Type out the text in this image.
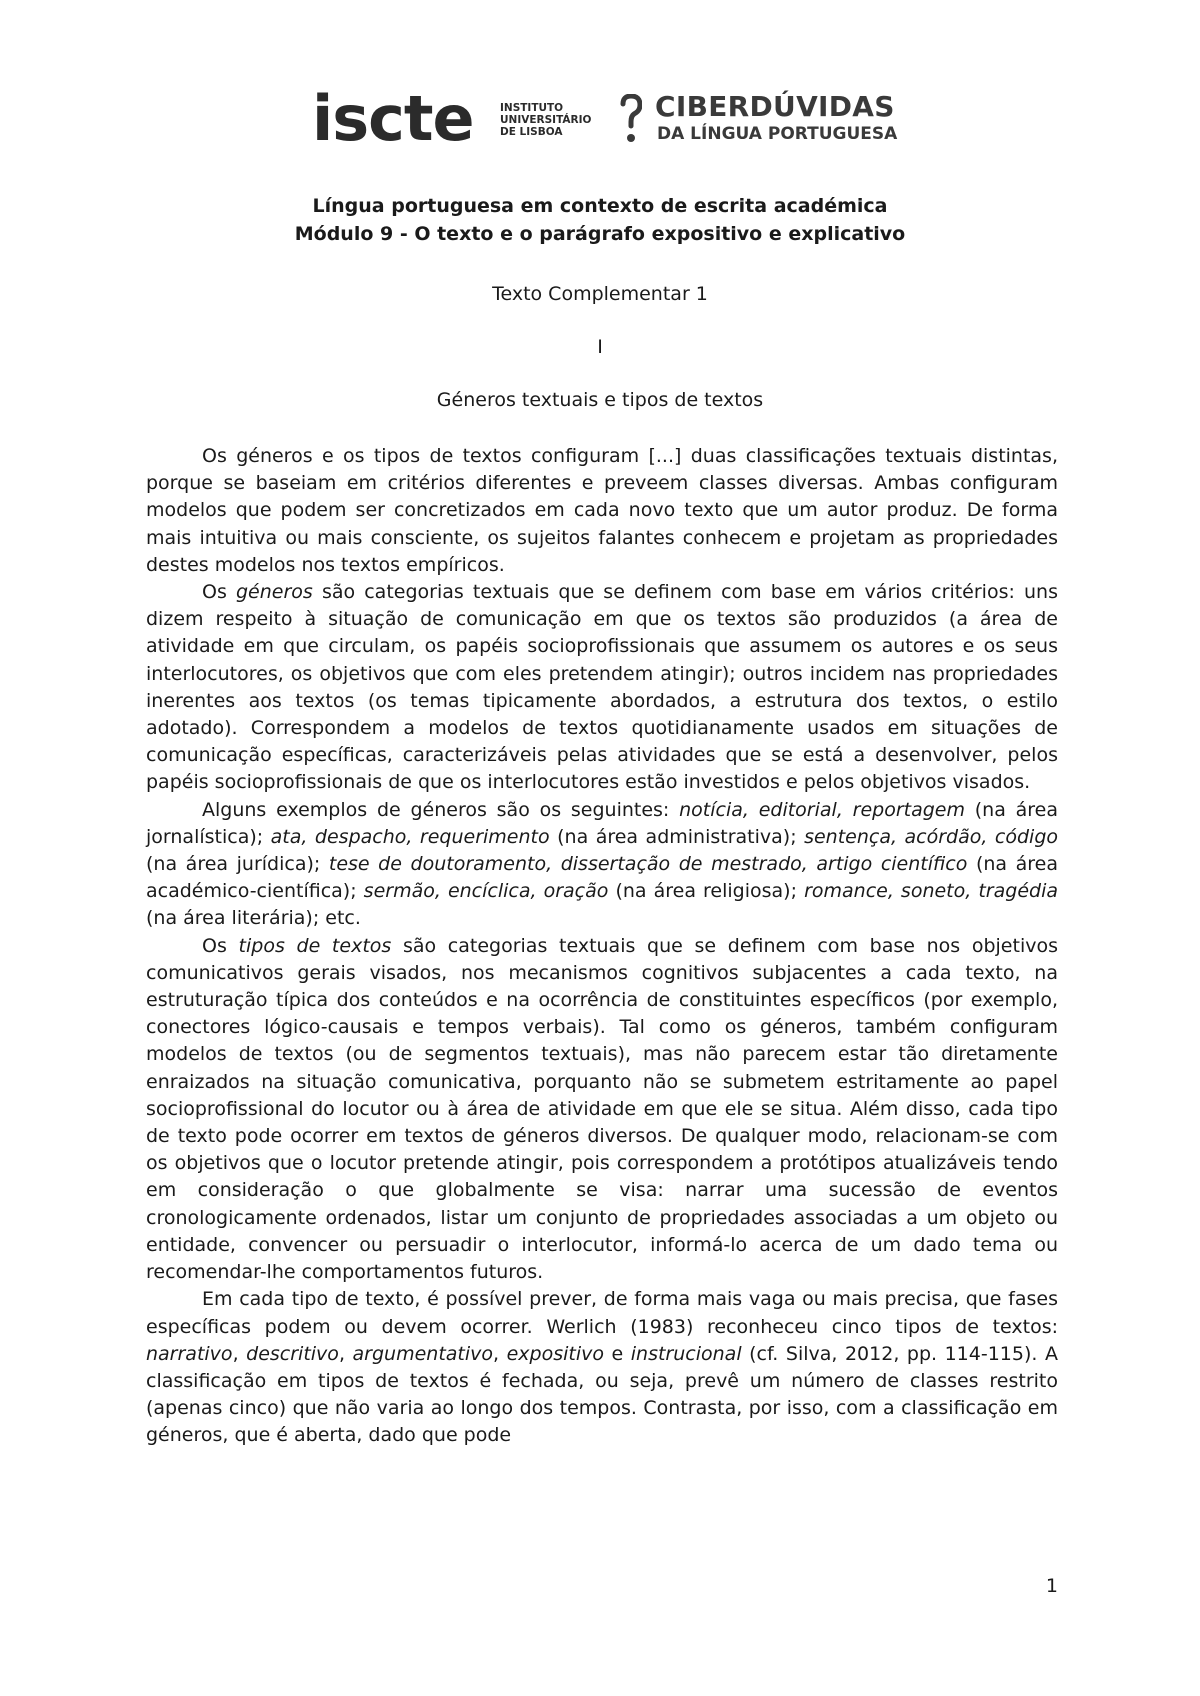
iscte	INSTITUTO
UNIVERSITÁRIO
DE LISBOA
CIBERDÚVIDAS
DA LÍNGUA PORTUGUESA
Língua portuguesa em contexto de escrita académica
Módulo 9 - O texto e o parágrafo expositivo e explicativo
Texto Complementar 1
I
Géneros textuais e tipos de textos

Os géneros e os tipos de textos configuram [...] duas classificações textuais distintas, porque se baseiam em critérios diferentes e preveem classes diversas. Ambas configuram modelos que podem ser concretizados em cada novo texto que um autor produz. De forma mais intuitiva ou mais consciente, os sujeitos falantes conhecem e projetam as propriedades destes modelos nos textos empíricos.

Os géneros são categorias textuais que se definem com base em vários critérios: uns dizem respeito à situação de comunicação em que os textos são produzidos (a área de atividade em que circulam, os papéis socioprofissionais que assumem os autores e os seus interlocutores, os objetivos que com eles pretendem atingir); outros incidem nas propriedades inerentes aos textos (os temas tipicamente abordados, a estrutura dos textos, o estilo adotado). Correspondem a modelos de textos quotidianamente usados em situações de comunicação específicas, caracterizáveis pelas atividades que se está a desenvolver, pelos papéis socioprofissionais de que os interlocutores estão investidos e pelos objetivos visados.

Alguns exemplos de géneros são os seguintes: notícia, editorial, reportagem (na área jornalística); ata, despacho, requerimento (na área administrativa); sentença, acórdão, código (na área jurídica); tese de doutoramento, dissertação de mestrado, artigo científico (na área académico-científica); sermão, encíclica, oração (na área religiosa); romance, soneto, tragédia (na área literária); etc.

Os tipos de textos são categorias textuais que se definem com base nos objetivos comunicativos gerais visados, nos mecanismos cognitivos subjacentes a cada texto, na estruturação típica dos conteúdos e na ocorrência de constituintes específicos (por exemplo, conectores lógico-causais e tempos verbais). Tal como os géneros, também configuram modelos de textos (ou de segmentos textuais), mas não parecem estar tão diretamente enraizados na situação comunicativa, porquanto não se submetem estritamente ao papel socioprofissional do locutor ou à área de atividade em que ele se situa. Além disso, cada tipo de texto pode ocorrer em textos de géneros diversos. De qualquer modo, relacionam-se com os objetivos que o locutor pretende atingir, pois correspondem a protótipos atualizáveis tendo em consideração o que globalmente se visa: narrar uma sucessão de eventos cronologicamente ordenados, listar um conjunto de propriedades associadas a um objeto ou entidade, convencer ou persuadir o interlocutor, informá-lo acerca de um dado tema ou recomendar-lhe comportamentos futuros.

Em cada tipo de texto, é possível prever, de forma mais vaga ou mais precisa, que fases específicas podem ou devem ocorrer. Werlich (1983) reconheceu cinco tipos de textos: narrativo, descritivo, argumentativo, expositivo e instrucional (cf. Silva, 2012, pp. 114-115). A classificação em tipos de textos é fechada, ou seja, prevê um número de classes restrito (apenas cinco) que não varia ao longo dos tempos. Contrasta, por isso, com a classificação em géneros, que é aberta, dado que pode

1
